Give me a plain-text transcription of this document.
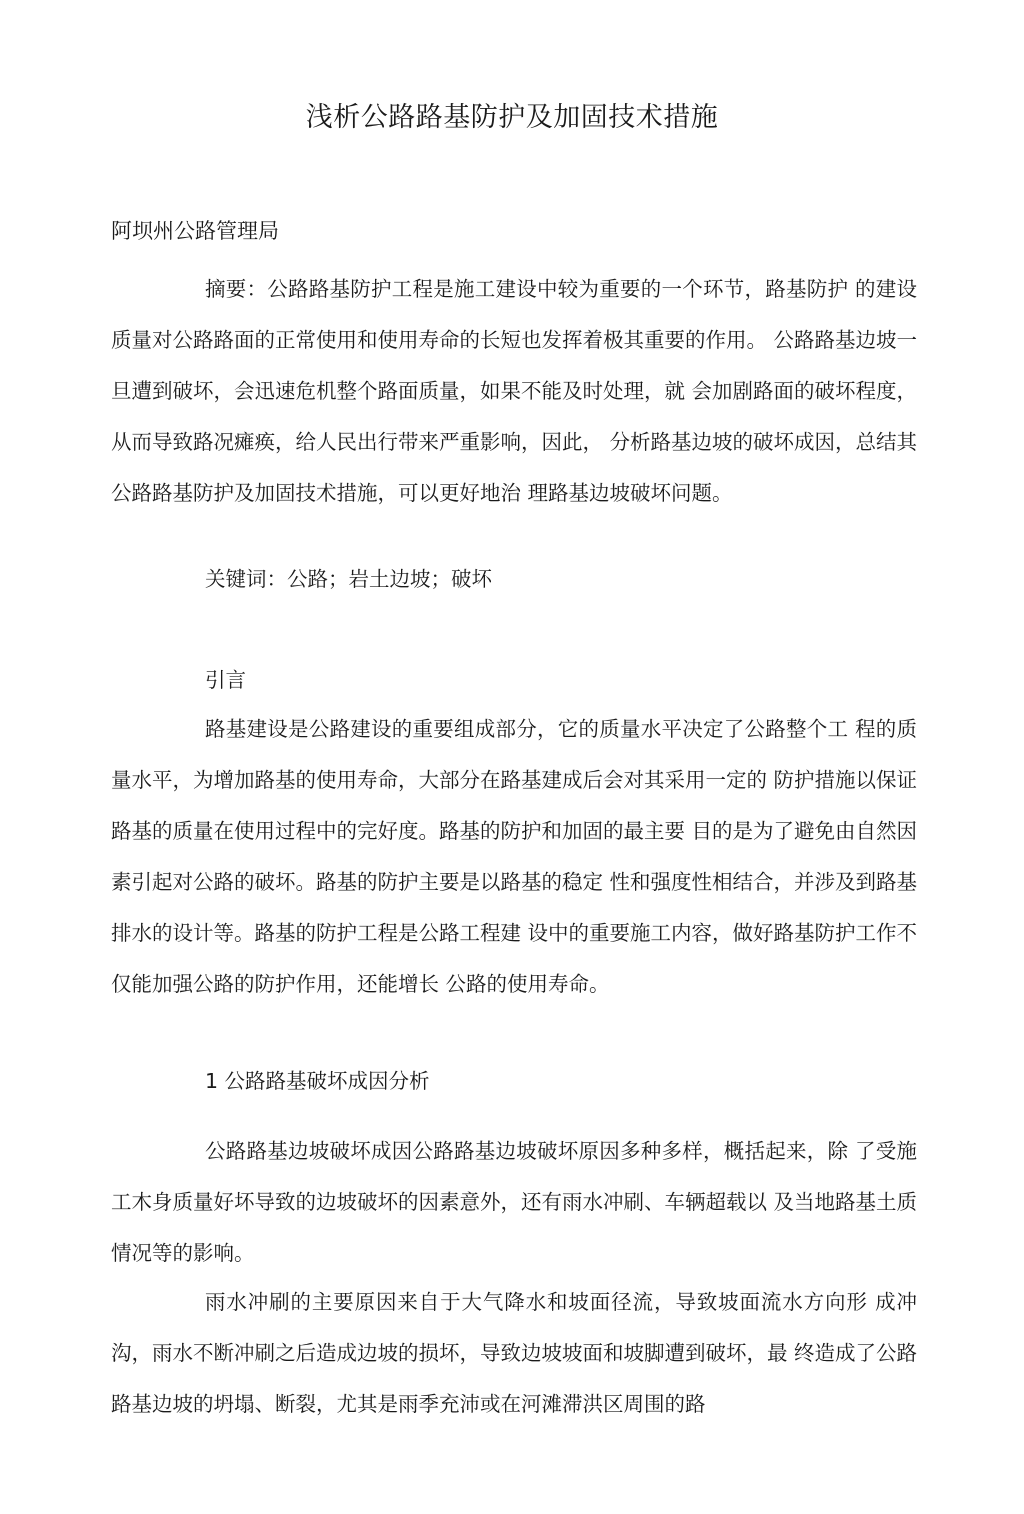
浅析公路路基防护及加固技术措施
阿坝州公路管理局

摘要：公路路基防护工程是施工建设中较为重要的一个环节，路基防护 的建设质量对公路路面的正常使用和使用寿命的长短也发挥着极其重要的作用。 公路路基边坡一旦遭到破坏，会迅速危机整个路面质量，如果不能及时处理，就 会加剧路面的破坏程度，从而导致路况瘫痪，给人民出行带来严重影响，因此， 分析路基边坡的破坏成因，总结其公路路基防护及加固技术措施，可以更好地治 理路基边坡破坏问题。

关键词：公路；岩土边坡；破坏
引言

路基建设是公路建设的重要组成部分，它的质量水平决定了公路整个工 程的质量水平，为增加路基的使用寿命，大部分在路基建成后会对其采用一定的 防护措施以保证路基的质量在使用过程中的完好度。路基的防护和加固的最主要 目的是为了避免由自然因素引起对公路的破坏。路基的防护主要是以路基的稳定 性和强度性相结合，并涉及到路基排水的设计等。路基的防护工程是公路工程建 设中的重要施工内容，做好路基防护工作不仅能加强公路的防护作用，还能增长 公路的使用寿命。

1 公路路基破坏成因分析

公路路基边坡破坏成因公路路基边坡破坏原因多种多样，概括起来，除 了受施工木身质量好坏导致的边坡破坏的因素意外，还有雨水冲刷、车辆超载以 及当地路基土质情况等的影响。

雨水冲刷的主要原因来自于大气降水和坡面径流，导致坡面流水方向形 成冲沟，雨水不断冲刷之后造成边坡的损坏，导致边坡坡面和坡脚遭到破坏，最 终造成了公路路基边坡的坍塌、断裂，尤其是雨季充沛或在河滩滞洪区周围的路
